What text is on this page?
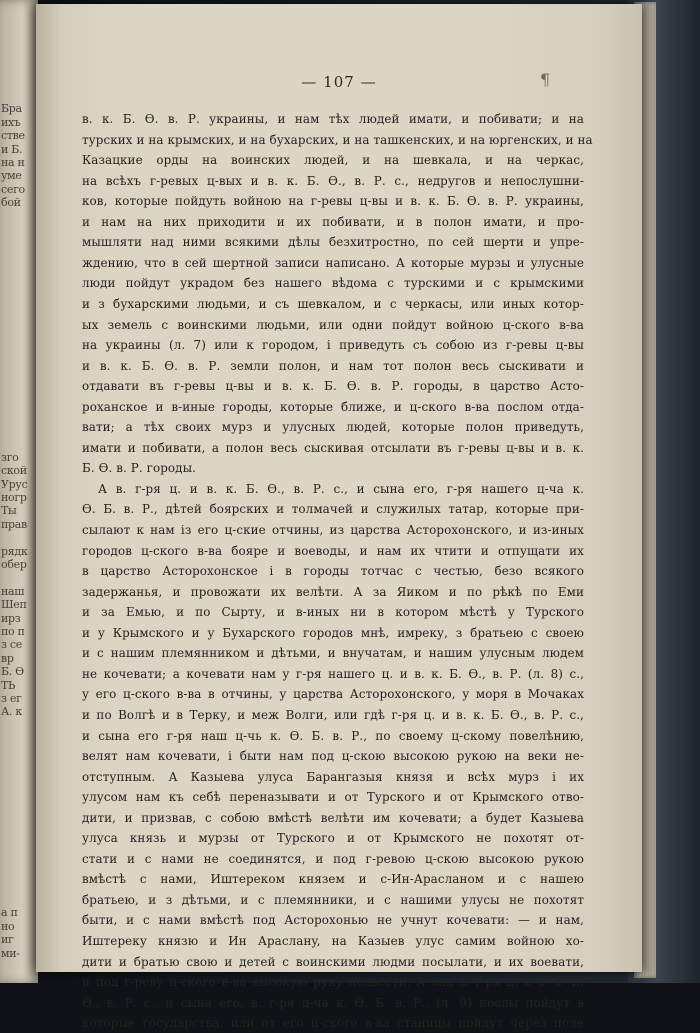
Бра
ихъ
стве
и Б.
на н
уме
сего
бой
зго
ской
Урус
ногр
Ты
прав
рядк
обер
наш
Шеп
ирз
по п
з се
вр
Б. Ө
ТЬ
з ег
А. к
а п
но
иг
ми-
— 107 —	¶
в. к. Б. Ө. в. Р. украины, и нам тѣх людей имати, и побивати; и на
турских и на крымских, и на бухарских, и на ташкенских, и на юргенских, и на
Казацкие орды на воинских людей, и на шевкала, и на черкас,
на всѣхъ г-ревых ц-вых и в. к. Б. Ө., в. Р. с., недругов и непослушни-
ков, которые пойдуть войною на г-ревы ц-вы и в. к. Б. Ө. в. Р. украины,
и нам на них приходити и их побивати, и в полон имати, и про-
мышляти над ними всякими дѣлы безхитростно, по сей шерти и упре-
ждению, что в сей шертной записи написано. А которые мурзы и улусные
люди пойдут украдом без нашего вѣдома с турскими и с крымскими
и з бухарскими людьми, и съ шевкалом, и с черкасы, или иных котор-
ых земель с воинскими людьми, или одни пойдут войною ц-ского в-ва
на украины (л. 7) или к городом, і приведуть съ собою из г-ревы ц-вы
и в. к. Б. Ө. в. Р. земли полон, и нам тот полон весь сыскивати и
отдавати въ г-ревы ц-вы и в. к. Б. Ө. в. Р. городы, в царство Асто-
роханское и в-иные городы, которые ближе, и ц-ского в-ва послом отда-
вати; а тѣх своих мурз и улусных людей, которые полон приведуть,
имати и побивати, а полон весь сыскивая отсылати въ г-ревы ц-вы и в. к.
Б. Ө. в. Р. городы.
А в. г-ря ц. и в. к. Б. Ө., в. Р. с., и сына его, г-ря нашего ц-ча к.
Ө. Б. в. Р., дѣтей боярских и толмачей и служилых татар, которые при-
сылают к нам із его ц-ские отчины, из царства Асторохонского, и из-иных
городов ц-ского в-ва бояре и воеводы, и нам их чтити и отпущати их
в царство Асторохонское і в городы тотчас с честью, безо всякого
задержанья, и провожати их велѣти. А за Яиком и по рѣкѣ по Еми
и за Емью, и по Сырту, и в-иных ни в котором мѣстѣ у Турского
и у Крымского и у Бухарского городов мнѣ, имреку, з братьею с своею
и с нашим племянником и дѣтьми, и внучатам, и нашим улусным людем
не кочевати; а кочевати нам у г-ря нашего ц. и в. к. Б. Ө., в. Р. (л. 8) с.,
у его ц-ского в-ва в отчины, у царства Асторохонского, у моря в Мочаках
и по Волгѣ и в Терку, и меж Волги, или гдѣ г-ря ц. и в. к. Б. Ө., в. Р. с.,
и сына его г-ря наш ц-чь к. Ө. Б. в. Р., по своему ц-скому повелѣнию,
велят нам кочевати, і быти нам под ц-скою высокою рукою на веки не-
отступным. А Казыева улуса Барангазыя князя и всѣх мурз і их
улусом нам къ себѣ переназывати и от Турского и от Крымского отво-
дити, и призвав, с собою вмѣстѣ велѣти им кочевати; а будет Казыева
улуса князь и мурзы от Турского и от Крымского не похотят от-
стати и с нами не соединятся, и под г-ревою ц-скою высокою рукою
вмѣстѣ с нами, Иштереком князем и с-Ин-Арасланом и с нашею
братьею, и з дѣтьми, и с племянники, и с нашими улусы не похотят
быти, и с нами вмѣстѣ под Асторохонью не учнут кочевати: — и нам,
Иштереку князю и Ин Арасланy, на Казыев улус самим войною хо-
дити и братью свою и детей с воинскими людми посылати, и их воевати,
и под г-реву ц-ского в-ва высокую руку подвести. А как в. г-ря ц. и в. к. Б.
Ө., в. Р. с., и сына его, в. г-ря ц-ча к. Ө. Б. в. Р., (л. 9) послы пойдут в
которые государства, или от его ц-ского в-ва станицы пойдут через поле
